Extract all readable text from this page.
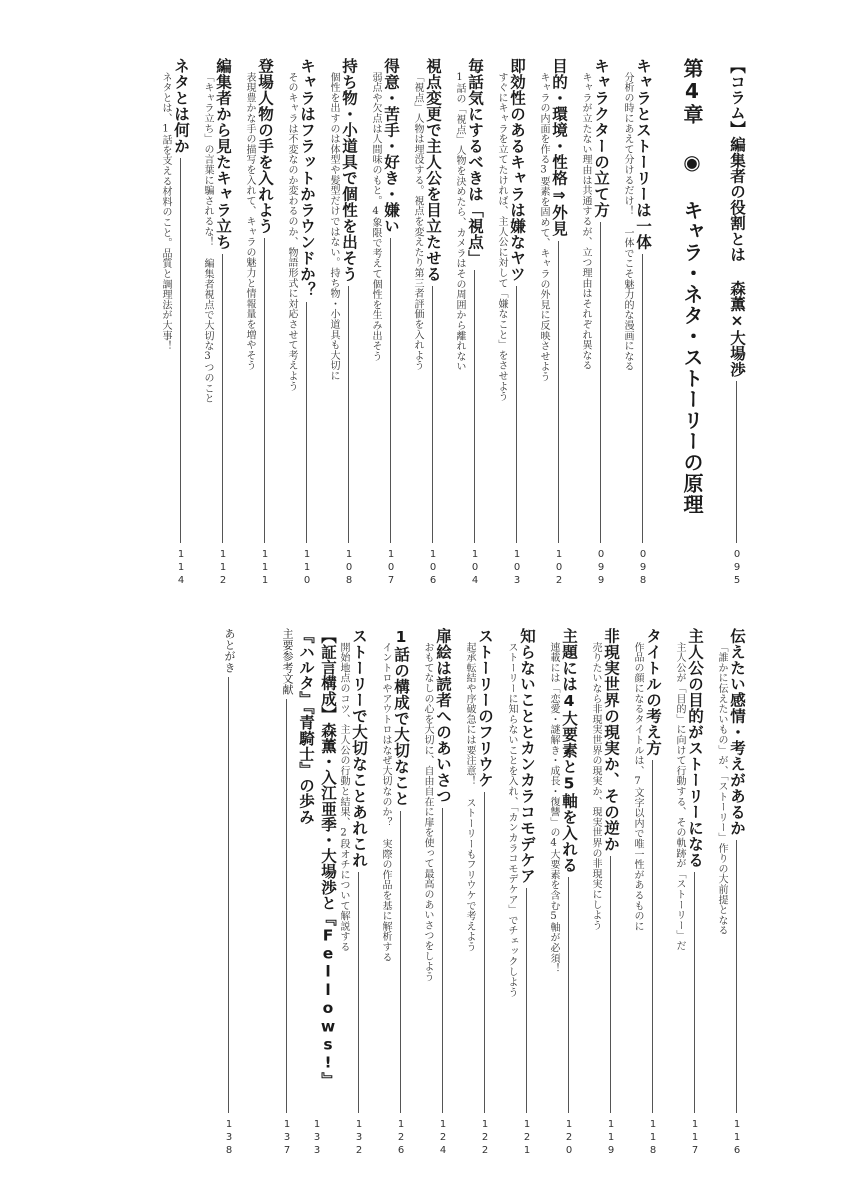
【コラム】編集者の役割とは 森薫×大場渉
095
第4章 ◉ キャラ・ネタ・ストーリーの原理
キャラとストーリーは一体
098
分析の時にあえて分けるだけ！ 一体でこそ魅力的な漫画になる
キャラクターの立て方
099
キャラが立たない理由は共通するが、立つ理由はそれぞれ異なる
目的・環境・性格⇒外見
102
キャラの内面を作る3要素を固めて、キャラの外見に反映させよう
即効性のあるキャラは嫌なヤツ
103
すぐにキャラを立てたければ、主人公に対して「嫌なこと」をさせよう
毎話気にするべきは「視点」
104
1話の「視点」人物を決めたら、カメラはその周囲から離れない
視点変更で主人公を目立たせる
106
「視点」人物は埋没する。視点を変えたり第三者評価を入れよう
得意・苦手・好き・嫌い
107
弱点や欠点は人間味のもと。4象限で考えて個性を生み出そう
持ち物・小道具で個性を出そう
108
個性を出すのは体型や髪型だけではない。持ち物・小道具も大切に
キャラはフラットかラウンドか？
110
そのキャラは不変なのか変わるのか、物語形式に対応させて考えよう
登場人物の手を入れよう
111
表現豊かな手の描写を入れて、キャラの魅力と情報量を増やそう
編集者から見たキャラ立ち
112
「キャラ立ち」の言葉に騙されるな！ 編集者視点で大切な3つのこと
ネタとは何か
114
ネタとは、1話を支える材料のこと。品質と調理法が大事！
伝えたい感情・考えがあるか
116
「誰かに伝えたいもの」が、「ストーリー」作りの大前提となる
主人公の目的がストーリーになる
117
主人公が「目的」に向けて行動する、その軌跡が「ストーリー」だ
タイトルの考え方
118
作品の顔になるタイトルは、7文字以内で唯一性があるものに
非現実世界の現実か、その逆か
119
売りたいなら非現実世界の現実か、現実世界の非現実にしよう
主題には4大要素と5軸を入れる
120
連載には「恋愛・謎解き・成長・復讐」の4大要素を含む5軸が必須！
知らないこととカンカラコモデケア
121
ストーリーに知らないことを入れ、「カンカラコモデケア」でチェックしよう
ストーリーのフリウケ
122
起承転結や序破急には要注意！ ストーリーもフリウケで考えよう
扉絵は読者へのあいさつ
124
おもてなしの心を大切に、自由自在に扉を使って最高のあいさつをしよう
1話の構成で大切なこと
126
イントロやアウトロはなぜ大切なのか？ 実際の作品を基に解析する
ストーリーで大切なことあれこれ
132
開始地点のコツ、主人公の行動と結果、2段オチについて解説する
【証言構成】森薫・入江亜季・大場渉と『Fellows!』『ハルタ』『青騎士』の歩み
133
主要参考文献
137
あとがき
138
